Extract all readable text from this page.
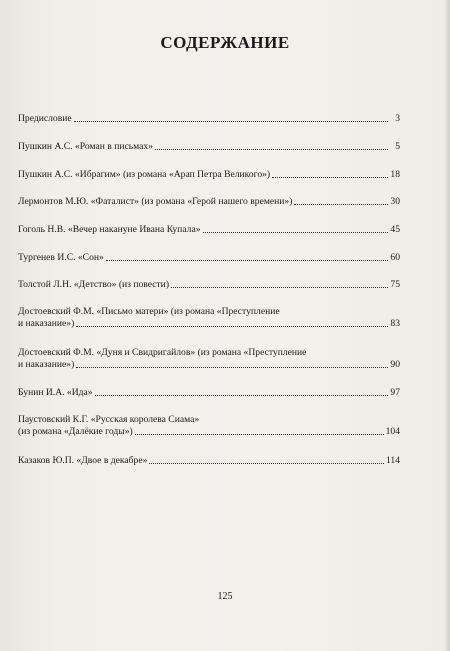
СОДЕРЖАНИЕ
Предисловие	3
Пушкин А.С. «Роман в письмах»	5
Пушкин А.С. «Ибрагим» (из романа «Арап Петра Великого»)	18
Лермонтов М.Ю. «Фаталист» (из романа «Герой нашего времени»)	30
Гоголь Н.В. «Вечер накануне Ивана Купала»	45
Тургенев И.С. «Сон»	60
Толстой Л.Н. «Детство» (из повести)	75
Достоевский Ф.М. «Письмо матери» (из романа «Преступление
и наказание»)	83
Достоевский Ф.М. «Дуня и Свидригайлов» (из романа «Преступление
и наказание»)	90
Бунин И.А. «Ида»	97
Паустовский К.Г. «Русская королева Сиама»
(из романа «Далёкие годы»)	104
Казаков Ю.П. «Двое в декабре»	114
125
